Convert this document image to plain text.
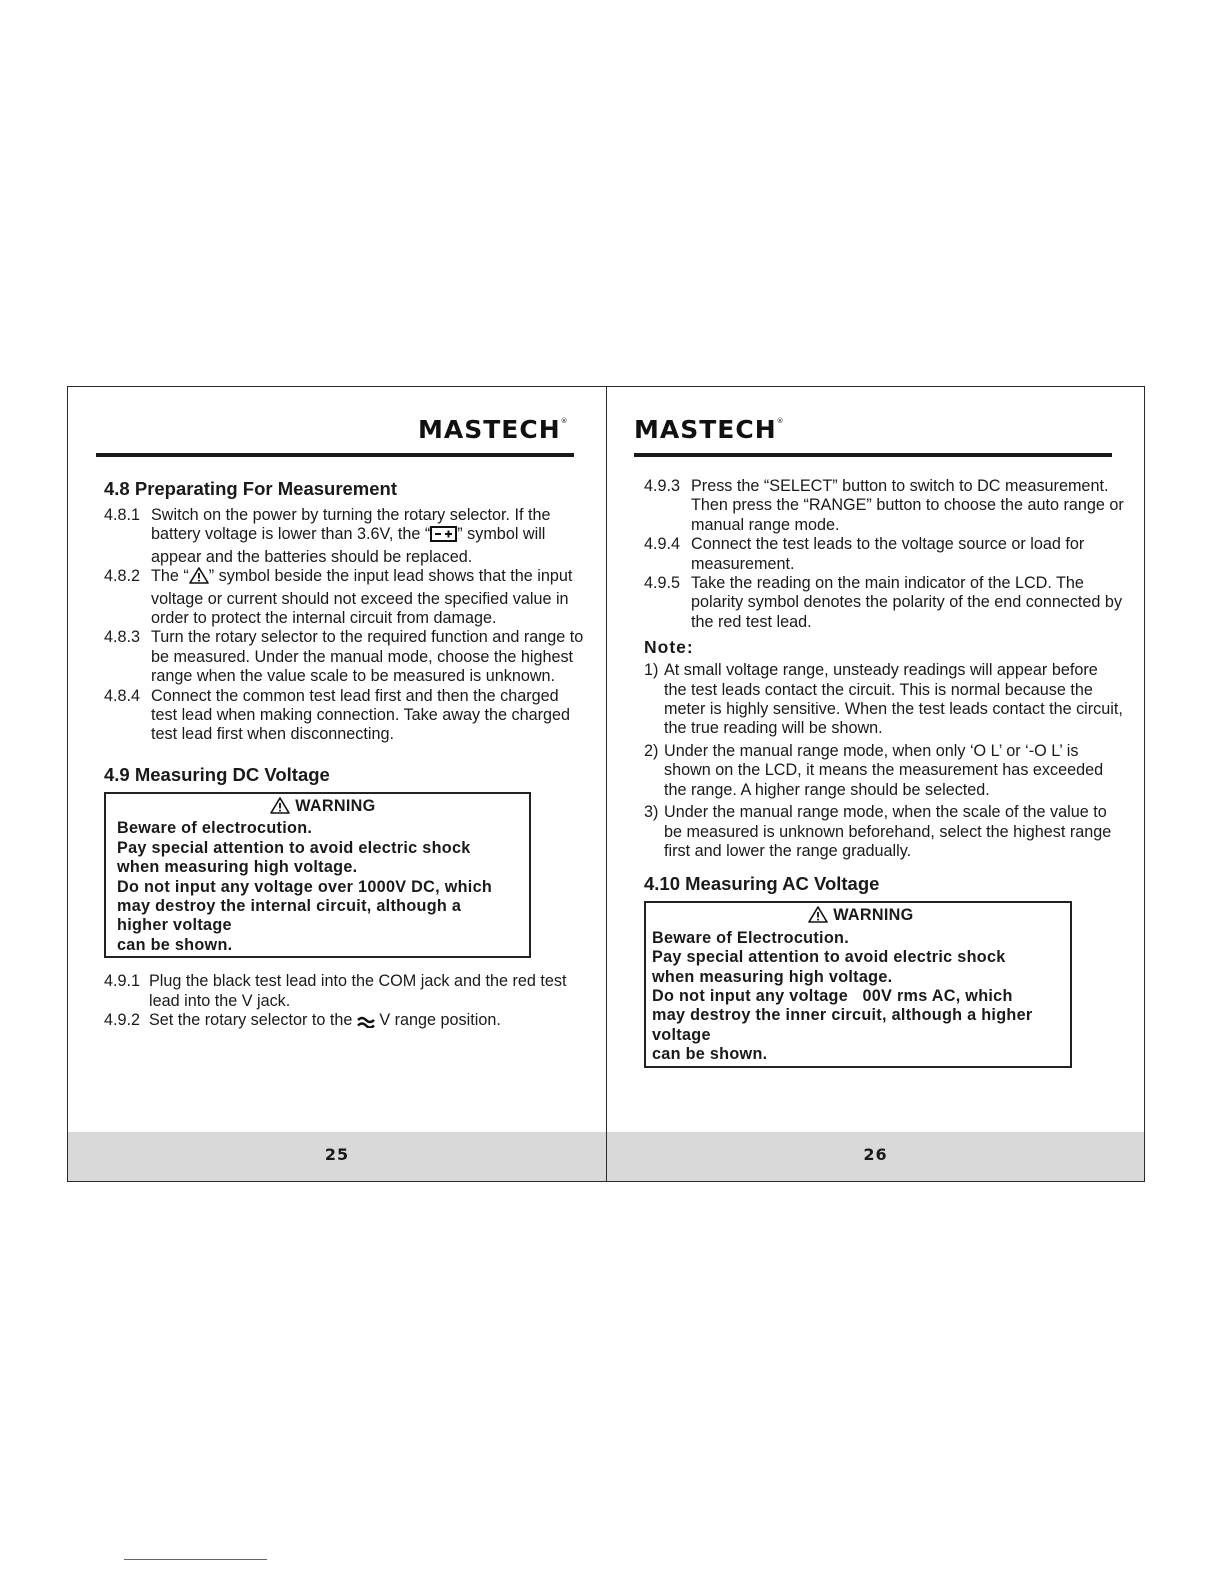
MASTECH®
4.8 Preparating For Measurement

4.8.1 Switch on the power by turning the rotary selector. If the battery voltage is lower than 3.6V, the “ ” symbol will appear and the batteries should be replaced.

4.8.2 The “ ” symbol beside the input lead shows that the input voltage or current should not exceed the specified value in order to protect the internal circuit from damage.

4.8.3 Turn the rotary selector to the required function and range to be measured. Under the manual mode, choose the highest range when the value scale to be measured is unknown.

4.8.4 Connect the common test lead first and then the charged test lead when making connection. Take away the charged test lead first when disconnecting.

4.9 Measuring DC Voltage
WARNING
Beware of electrocution.
Pay special attention to avoid electric shock
when measuring high voltage.
Do not input any voltage over 1000V DC, which
may destroy the internal circuit, although a
higher voltage
can be shown.

4.9.1 Plug the black test lead into the COM jack and the red test lead into the V jack.

4.9.2 Set the rotary selector to the V range position.

25
MASTECH®

4.9.3 Press the “SELECT” button to switch to DC measurement. Then press the “RANGE” button to choose the auto range or manual range mode.

4.9.4 Connect the test leads to the voltage source or load for measurement.

4.9.5 Take the reading on the main indicator of the LCD. The polarity symbol denotes the polarity of the end connected by the red test lead.

Note:

1) At small voltage range, unsteady readings will appear before the test leads contact the circuit. This is normal because the meter is highly sensitive. When the test leads contact the circuit, the true reading will be shown.

2) Under the manual range mode, when only ‘O L’ or ‘-O L’ is shown on the LCD, it means the measurement has exceeded the range. A higher range should be selected.

3) Under the manual range mode, when the scale of the value to be measured is unknown beforehand, select the highest range first and lower the range gradually.

4.10 Measuring AC Voltage
WARNING
Beware of Electrocution.
Pay special attention to avoid electric shock
when measuring high voltage.
Do not input any voltage   00V rms AC, which
may destroy the inner circuit, although a higher
voltage
can be shown.
26
